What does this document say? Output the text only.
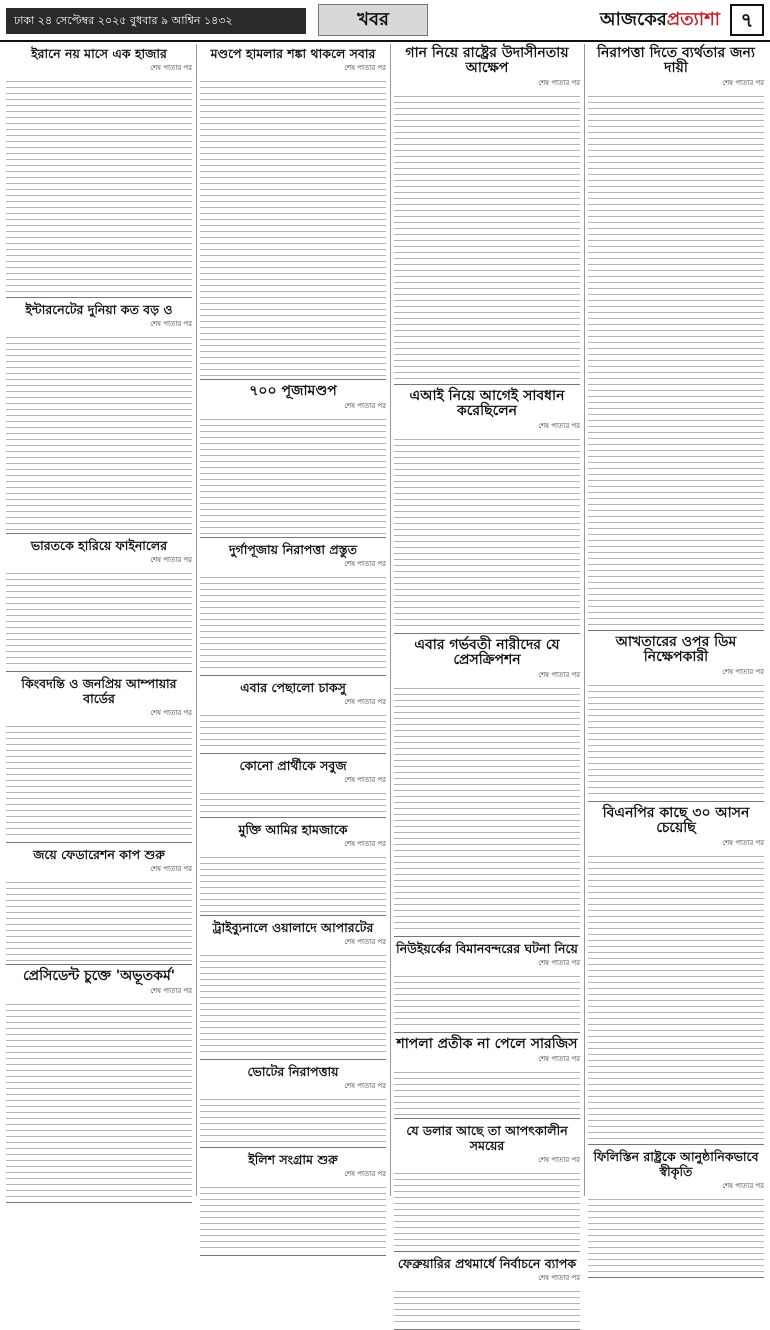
ঢাকা ২৪ সেপ্টেম্বর ২০২৫ বুধবার ৯ আশ্বিন ১৪৩২	খবর	আজকেরপ্রত্যাশা	৭
ইরানে নয় মাসে এক হাজার
শেষ পাতার পর
ইন্টারনেটের দুনিয়া কত বড় ও
শেষ পাতার পর
ভারতকে হারিয়ে ফাইনালের
শেষ পাতার পর
কিংবদন্তি ও জনপ্রিয় আম্পায়ার বার্ডের
শেষ পাতার পর
জয়ে ফেডারেশন কাপ শুরু
শেষ পাতার পর
প্রেসিডেন্ট চুক্তে 'অভূতকর্ম'
শেষ পাতার পর
মণ্ডপে হামলার শঙ্কা থাকলে সবার
শেষ পাতার পর
৭০০ পূজামণ্ডপ
শেষ পাতার পর
দুর্গাপূজায় নিরাপত্তা প্রস্তুত
শেষ পাতার পর
এবার পেছালো চাকসু
শেষ পাতার পর
কোনো প্রার্থীকে সবুজ
শেষ পাতার পর
মুক্তি আমির হামজাকে
শেষ পাতার পর
ট্রাইব্যুনালে ওয়ালাদে আপারটের
শেষ পাতার পর
ভোটের নিরাপত্তায়
শেষ পাতার পর
ইলিশ সংগ্রাম শুরু
শেষ পাতার পর
গান নিয়ে রাষ্ট্রের উদাসীনতায় আক্ষেপ
শেষ পাতার পর
এআই নিয়ে আগেই সাবধান করেছিলেন
শেষ পাতার পর
এবার গর্ভবতী নারীদের যে প্রেসক্রিপশন
শেষ পাতার পর
নিউইয়র্কের বিমানবন্দরের ঘটনা নিয়ে
শেষ পাতার পর
শাপলা প্রতীক না পেলে সারজিস
শেষ পাতার পর
যে ডলার আছে তা আপৎকালীন সময়ের
শেষ পাতার পর
ফেব্রুয়ারির প্রথমার্ধে নির্বাচনে ব্যাপক
শেষ পাতার পর
নিরাপত্তা দিতে ব্যর্থতার জন্য দায়ী
শেষ পাতার পর
আখতারের ওপর ডিম নিক্ষেপকারী
শেষ পাতার পর
বিএনপির কাছে ৩০ আসন চেয়েছি
শেষ পাতার পর
ফিলিস্তিন রাষ্ট্রকে আনুষ্ঠানিকভাবে স্বীকৃতি
শেষ পাতার পর
